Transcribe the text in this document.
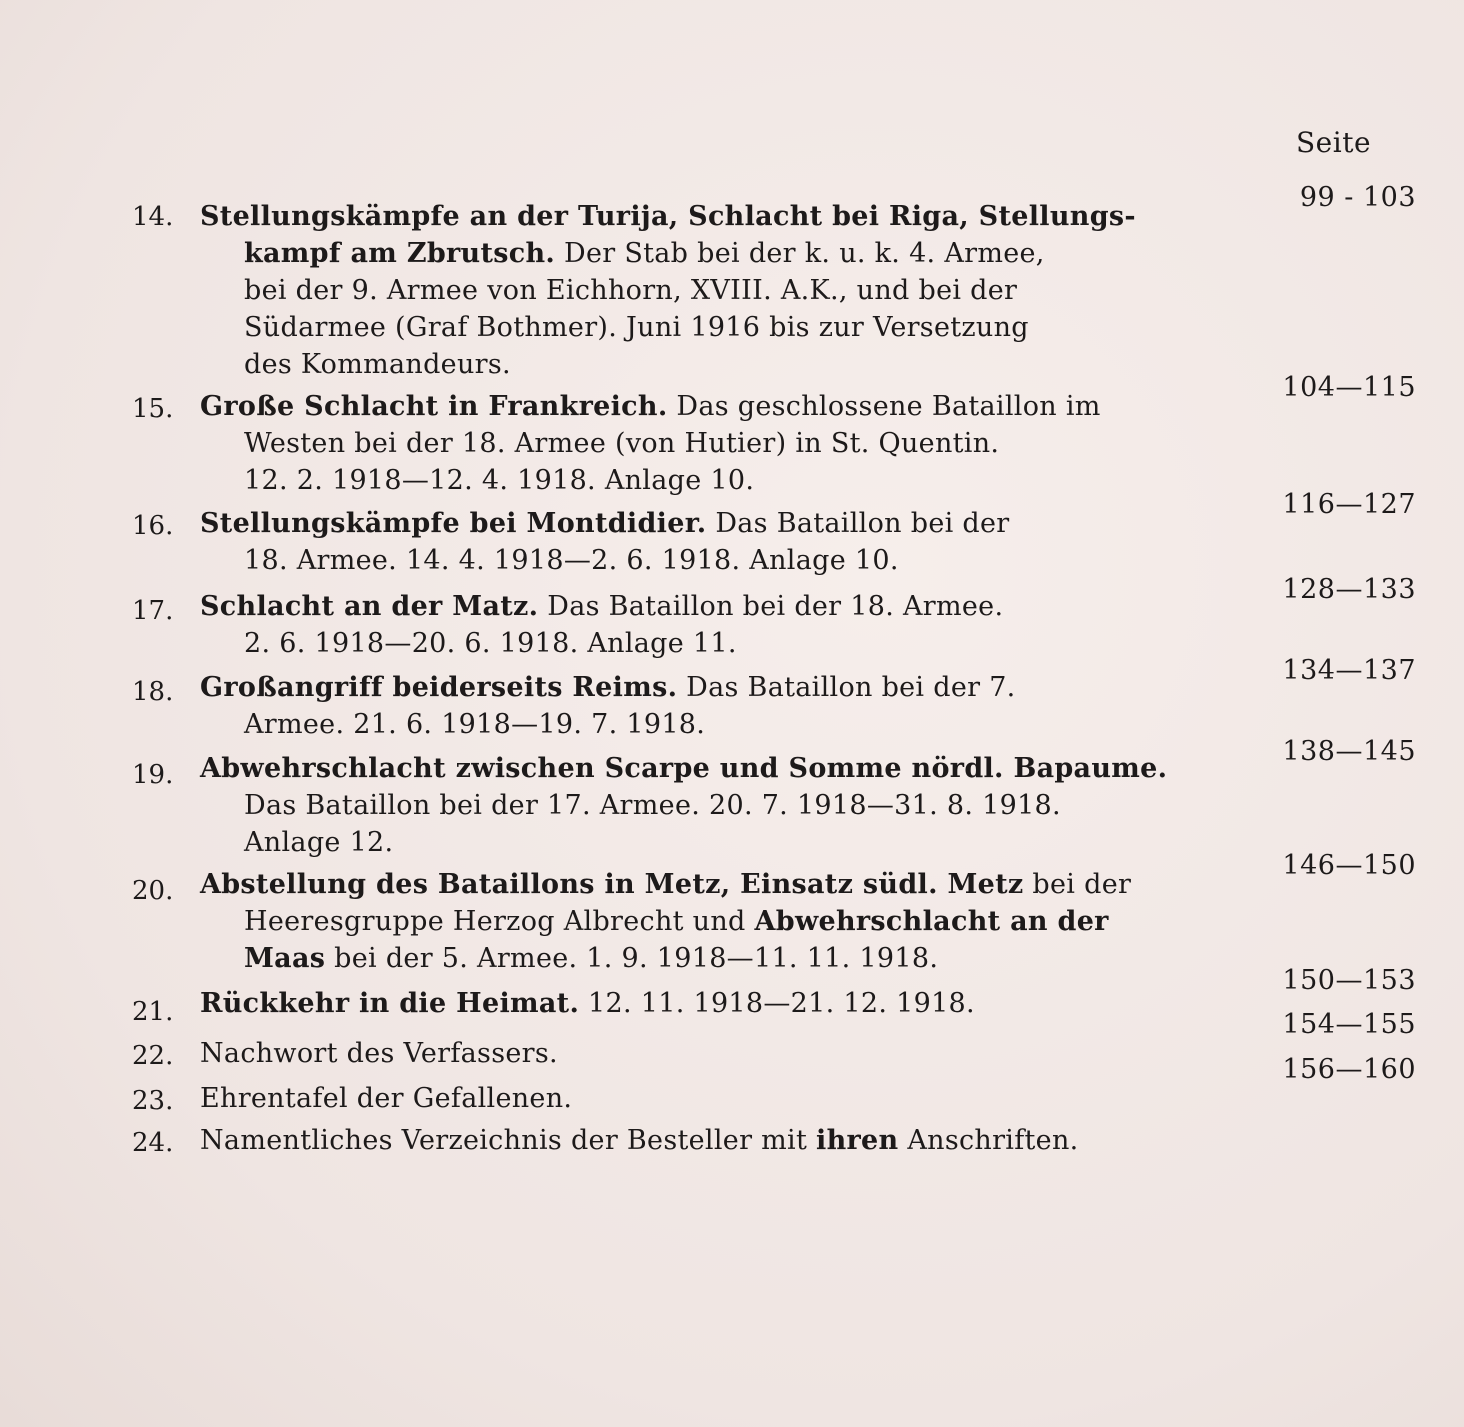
Seite
14.
99 - 103
Stellungskämpfe an der Turija, Schlacht bei Riga, Stellungs-
kampf am Zbrutsch. Der Stab bei der k. u. k. 4. Armee,
bei der 9. Armee von Eichhorn, XVIII. A.K., und bei der
Südarmee (Graf Bothmer). Juni 1916 bis zur Versetzung
des Kommandeurs.
15.
104—115
Große Schlacht in Frankreich. Das geschlossene Bataillon im
Westen bei der 18. Armee (von Hutier) in St. Quentin.
12. 2. 1918—12. 4. 1918. Anlage 10.
16.
116—127
Stellungskämpfe bei Montdidier. Das Bataillon bei der
18. Armee. 14. 4. 1918—2. 6. 1918. Anlage 10.
17.
128—133
Schlacht an der Matz. Das Bataillon bei der 18. Armee.
2. 6. 1918—20. 6. 1918. Anlage 11.
18.
134—137
Großangriff beiderseits Reims. Das Bataillon bei der 7.
Armee. 21. 6. 1918—19. 7. 1918.
19.
138—145
Abwehrschlacht zwischen Scarpe und Somme nördl. Bapaume.
Das Bataillon bei der 17. Armee. 20. 7. 1918—31. 8. 1918.
Anlage 12.
20.
146—150
Abstellung des Bataillons in Metz, Einsatz südl. Metz bei der
Heeresgruppe Herzog Albrecht und Abwehrschlacht an der
Maas bei der 5. Armee. 1. 9. 1918—11. 11. 1918.
21.
150—153
Rückkehr in die Heimat. 12. 11. 1918—21. 12. 1918.
22.
154—155
Nachwort des Verfassers.
23.
156—160
Ehrentafel der Gefallenen.
24. Namentliches Verzeichnis der Besteller mit ihren Anschriften.
